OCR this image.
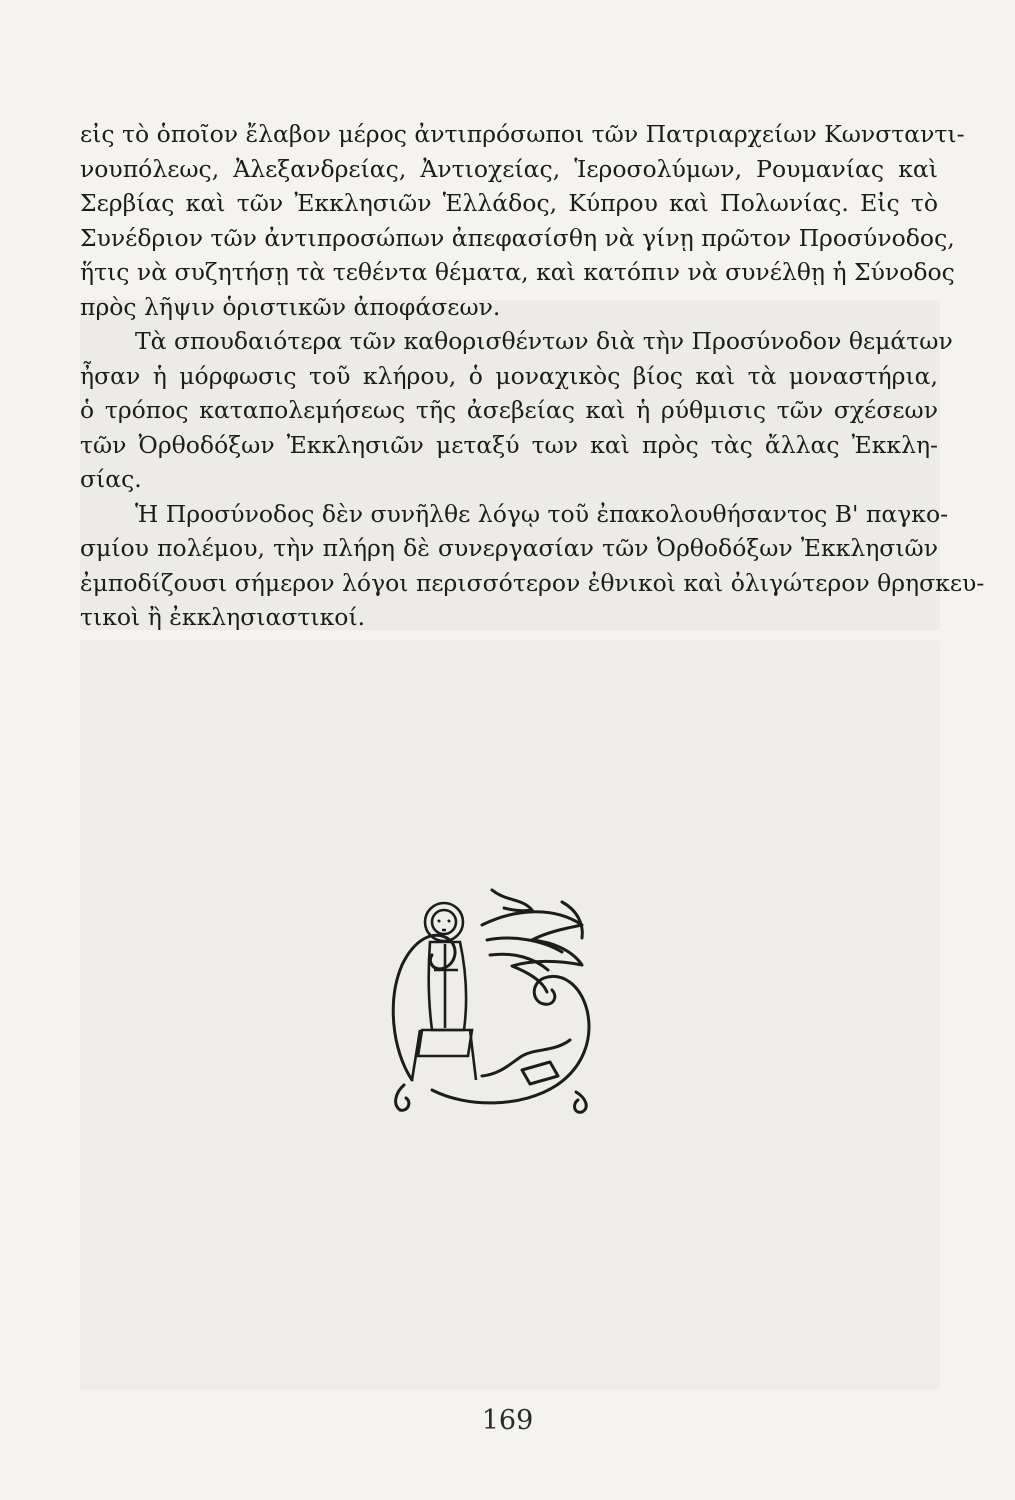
εἰς τὸ ὁποῖον ἔλαβον μέρος ἀντιπρόσωποι τῶν Πατριαρχείων Κωνσταντι-
νουπόλεως, Ἀλεξανδρείας, Ἀντιοχείας, Ἱεροσολύμων, Ρουμανίας καὶ
Σερβίας καὶ τῶν Ἐκκλησιῶν Ἑλλάδος, Κύπρου καὶ Πολωνίας. Εἰς τὸ
Συνέδριον τῶν ἀντιπροσώπων ἀπεφασίσθη νὰ γίνῃ πρῶτον Προσύνοδος,
ἥτις νὰ συζητήσῃ τὰ τεθέντα θέματα, καὶ κατόπιν νὰ συνέλθῃ ἡ Σύνοδος
πρὸς λῆψιν ὁριστικῶν ἀποφάσεων.
Τὰ σπουδαιότερα τῶν καθορισθέντων διὰ τὴν Προσύνοδον θεμάτων
ἦσαν ἡ μόρφωσις τοῦ κλήρου, ὁ μοναχικὸς βίος καὶ τὰ μοναστήρια,
ὁ τρόπος καταπολεμήσεως τῆς ἀσεβείας καὶ ἡ ρύθμισις τῶν σχέσεων
τῶν Ὀρθοδόξων Ἐκκλησιῶν μεταξύ των καὶ πρὸς τὰς ἄλλας Ἐκκλη-
σίας.
Ἡ Προσύνοδος δὲν συνῆλθε λόγῳ τοῦ ἐπακολουθήσαντος Β' παγκο-
σμίου πολέμου, τὴν πλήρη δὲ συνεργασίαν τῶν Ὀρθοδόξων Ἐκκλησιῶν
ἐμποδίζουσι σήμερον λόγοι περισσότερον ἐθνικοὶ καὶ ὀλιγώτερον θρησκευ-
τικοὶ ἢ ἐκκλησιαστικοί.
169
